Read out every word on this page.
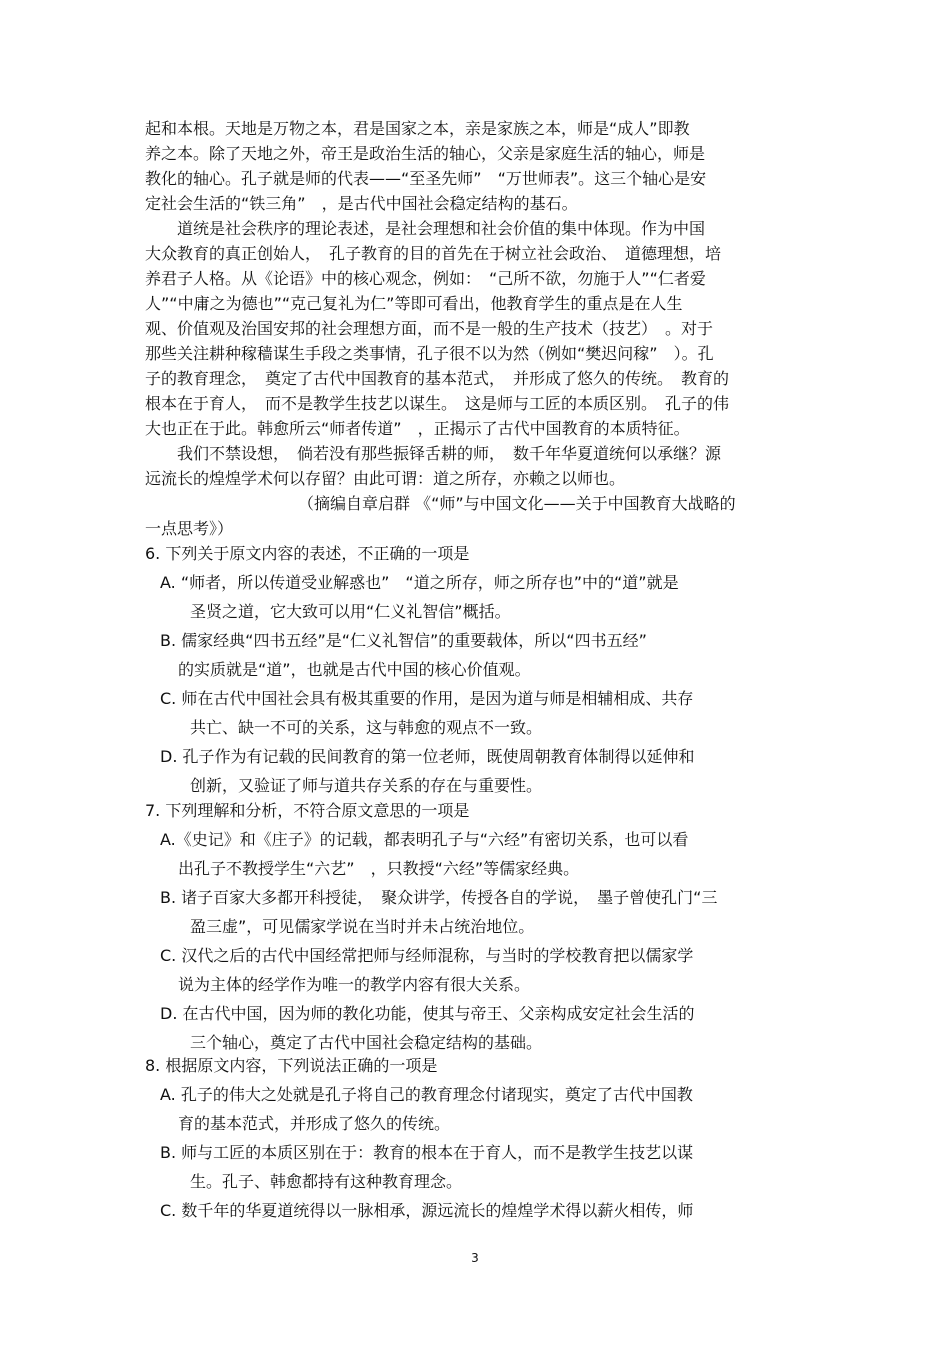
起和本根。天地是万物之本，君是国家之本，亲是家族之本，师是“成人”即教
养之本。除了天地之外，帝王是政治生活的轴心，父亲是家庭生活的轴心，师是
教化的轴心。孔子就是师的代表——“至圣先师”　“万世师表”。这三个轴心是安
定社会生活的“铁三角”　，是古代中国社会稳定结构的基石。
道统是社会秩序的理论表述，是社会理想和社会价值的集中体现。作为中国
大众教育的真正创始人，　孔子教育的目的首先在于树立社会政治、　道德理想，培
养君子人格。从《论语》中的核心观念，例如：　“己所不欲，勿施于人”“仁者爱
人”“中庸之为德也”“克己复礼为仁”等即可看出，他教育学生的重点是在人生
观、价值观及治国安邦的社会理想方面，而不是一般的生产技术（技艺）　。对于
那些关注耕种稼穑谋生手段之类事情，孔子很不以为然（例如“樊迟问稼”　）。孔
子的教育理念，　奠定了古代中国教育的基本范式，　并形成了悠久的传统。　教育的
根本在于育人，　而不是教学生技艺以谋生。　这是师与工匠的本质区别。　孔子的伟
大也正在于此。韩愈所云“师者传道”　，正揭示了古代中国教育的本质特征。
我们不禁设想，　倘若没有那些振铎舌耕的师，　数千年华夏道统何以承继？源
远流长的煌煌学术何以存留？由此可谓：道之所存，亦赖之以师也。
（摘编自章启群 《“师”与中国文化——关于中国教育大战略的
一点思考》）
6. 下列关于原文内容的表述，不正确的一项是
A. “师者，所以传道受业解惑也”　“道之所存，师之所存也”中的“道”就是
圣贤之道，它大致可以用“仁义礼智信”概括。
B. 儒家经典“四书五经”是“仁义礼智信”的重要载体，所以“四书五经”
的实质就是“道”，也就是古代中国的核心价值观。
C. 师在古代中国社会具有极其重要的作用，是因为道与师是相辅相成、共存
共亡、缺一不可的关系，这与韩愈的观点不一致。
D. 孔子作为有记载的民间教育的第一位老师，既使周朝教育体制得以延伸和
创新，又验证了师与道共存关系的存在与重要性。
7. 下列理解和分析，不符合原文意思的一项是
A.《史记》和《庄子》的记载，都表明孔子与“六经”有密切关系，也可以看
出孔子不教授学生“六艺”　，只教授“六经”等儒家经典。
B. 诸子百家大多都开科授徒，　聚众讲学，传授各自的学说，　墨子曾使孔门“三
盈三虚”，可见儒家学说在当时并未占统治地位。
C. 汉代之后的古代中国经常把师与经师混称，与当时的学校教育把以儒家学
说为主体的经学作为唯一的教学内容有很大关系。
D. 在古代中国，因为师的教化功能，使其与帝王、父亲构成安定社会生活的
三个轴心，奠定了古代中国社会稳定结构的基础。
8. 根据原文内容，下列说法正确的一项是
A. 孔子的伟大之处就是孔子将自己的教育理念付诸现实，奠定了古代中国教
育的基本范式，并形成了悠久的传统。
B. 师与工匠的本质区别在于：教育的根本在于育人，而不是教学生技艺以谋
生。孔子、韩愈都持有这种教育理念。
C. 数千年的华夏道统得以一脉相承，源远流长的煌煌学术得以薪火相传，师
3
